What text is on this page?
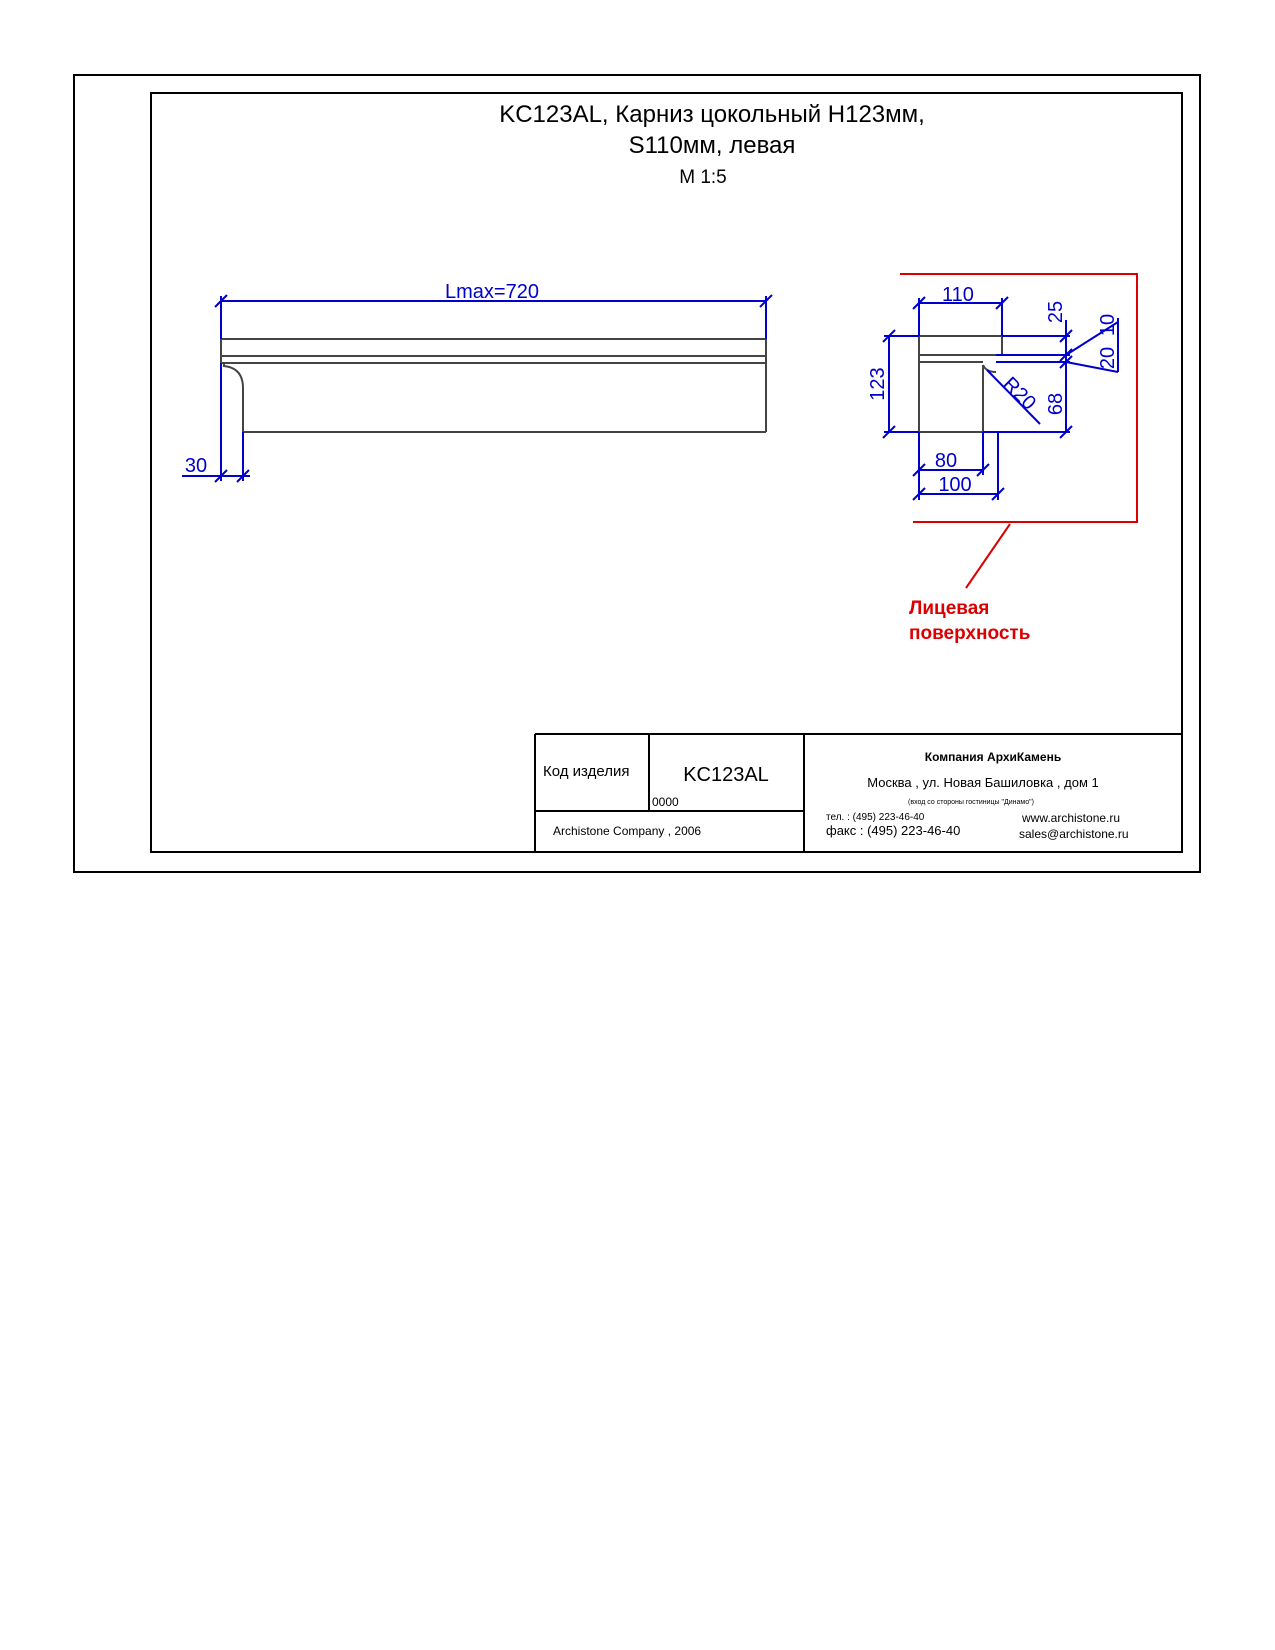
KC123AL, Карниз цокольный H123мм,
S110мм, левая
M 1:5
Lmax=720
30
110
123
25
10
20
68
R20
80
100
Лицевая
поверхность
Код изделия	KC123AL
0000
Archistone Company , 2006
Компания АрхиКамень
Москва , ул. Новая Башиловка , дом 1
(вход со стороны гостиницы "Динамо")
тел. : (495) 223-46-40
факс : (495) 223-46-40
www.archistone.ru
sales@archistone.ru
